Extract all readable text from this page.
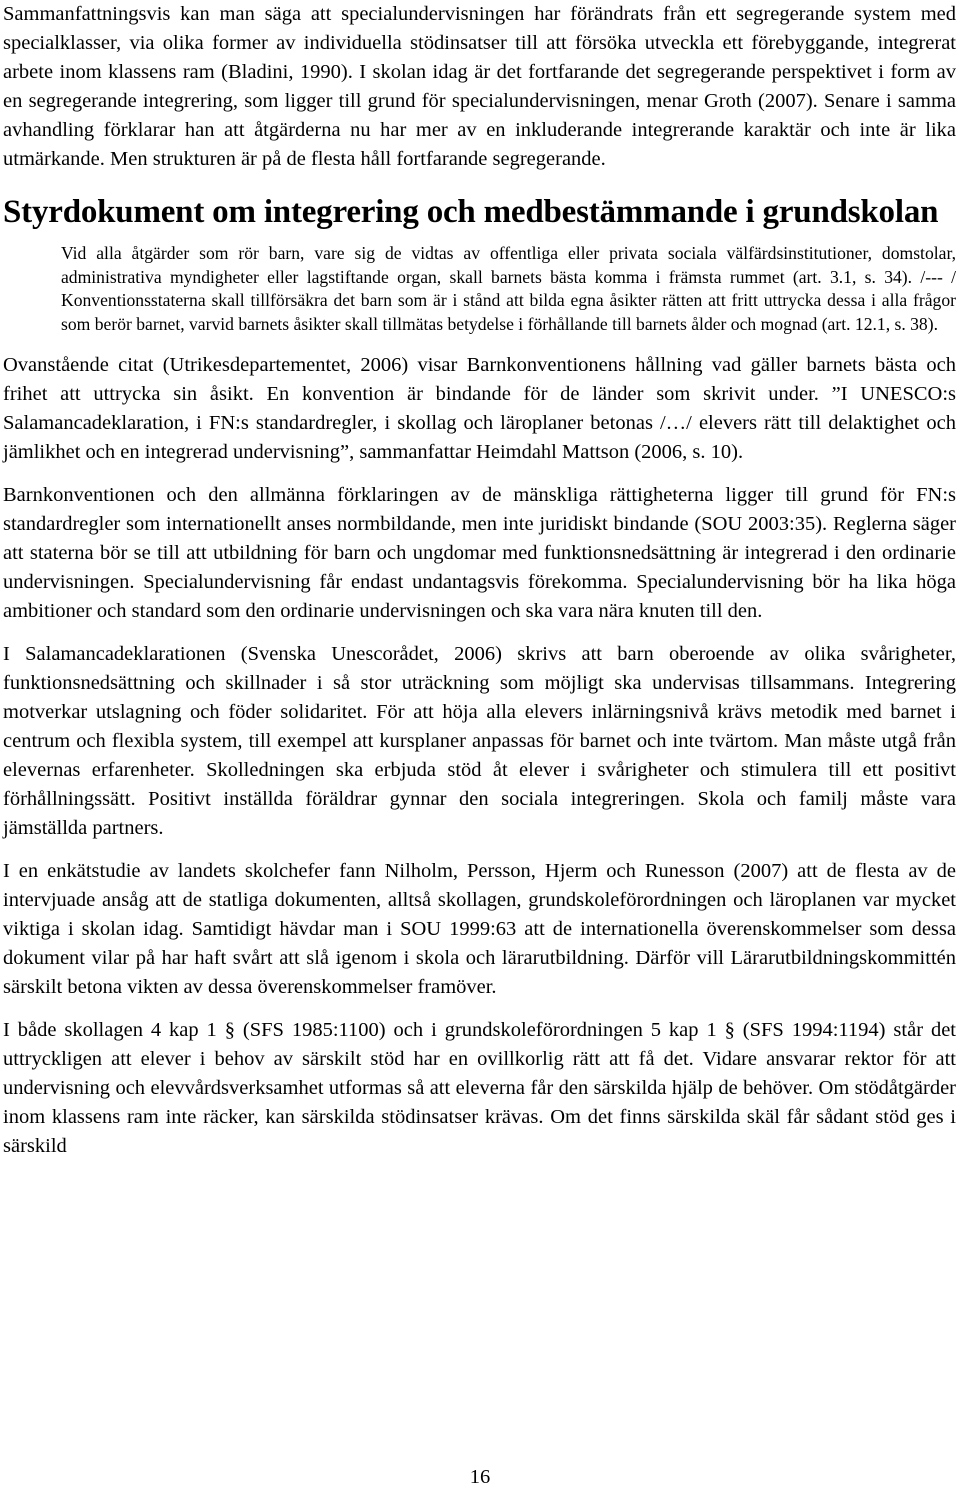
Sammanfattningsvis kan man säga att specialundervisningen har förändrats från ett segregerande system med specialklasser, via olika former av individuella stödinsatser till att försöka utveckla ett förebyggande, integrerat arbete inom klassens ram (Bladini, 1990). I skolan idag är det fortfarande det segregerande perspektivet i form av en segregerande integrering, som ligger till grund för specialundervisningen, menar Groth (2007). Senare i samma avhandling förklarar han att åtgärderna nu har mer av en inkluderande integrerande karaktär och inte är lika utmärkande. Men strukturen är på de flesta håll fortfarande segregerande.

Styrdokument om integrering och medbestämmande i grundskolan

Vid alla åtgärder som rör barn, vare sig de vidtas av offentliga eller privata sociala välfärdsinstitutioner, domstolar, administrativa myndigheter eller lagstiftande organ, skall barnets bästa komma i främsta rummet (art. 3.1, s. 34). /--- / Konventionsstaterna skall tillförsäkra det barn som är i stånd att bilda egna åsikter rätten att fritt uttrycka dessa i alla frågor som berör barnet, varvid barnets åsikter skall tillmätas betydelse i förhållande till barnets ålder och mognad (art. 12.1, s. 38).

Ovanstående citat (Utrikesdepartementet, 2006) visar Barnkonventionens hållning vad gäller barnets bästa och frihet att uttrycka sin åsikt. En konvention är bindande för de länder som skrivit under. ”I UNESCO:s Salamancadeklaration, i FN:s standardregler, i skollag och läroplaner betonas /…/ elevers rätt till delaktighet och jämlikhet och en integrerad undervisning”, sammanfattar Heimdahl Mattson (2006, s. 10).

Barnkonventionen och den allmänna förklaringen av de mänskliga rättigheterna ligger till grund för FN:s standardregler som internationellt anses normbildande, men inte juridiskt bindande (SOU 2003:35). Reglerna säger att staterna bör se till att utbildning för barn och ungdomar med funktionsnedsättning är integrerad i den ordinarie undervisningen. Specialundervisning får endast undantagsvis förekomma. Specialundervisning bör ha lika höga ambitioner och standard som den ordinarie undervisningen och ska vara nära knuten till den.

I Salamancadeklarationen (Svenska Unescorådet, 2006) skrivs att barn oberoende av olika svårigheter, funktionsnedsättning och skillnader i så stor uträckning som möjligt ska undervisas tillsammans. Integrering motverkar utslagning och föder solidaritet. För att höja alla elevers inlärningsnivå krävs metodik med barnet i centrum och flexibla system, till exempel att kursplaner anpassas för barnet och inte tvärtom. Man måste utgå från elevernas erfarenheter. Skolledningen ska erbjuda stöd åt elever i svårigheter och stimulera till ett positivt förhållningssätt. Positivt inställda föräldrar gynnar den sociala integreringen. Skola och familj måste vara jämställda partners.

I en enkätstudie av landets skolchefer fann Nilholm, Persson, Hjerm och Runesson (2007) att de flesta av de intervjuade ansåg att de statliga dokumenten, alltså skollagen, grundskoleförordningen och läroplanen var mycket viktiga i skolan idag. Samtidigt hävdar man i SOU 1999:63 att de internationella överenskommelser som dessa dokument vilar på har haft svårt att slå igenom i skola och lärarutbildning. Därför vill Lärarutbildningskommittén särskilt betona vikten av dessa överenskommelser framöver.

I både skollagen 4 kap 1 § (SFS 1985:1100) och i grundskoleförordningen 5 kap 1 § (SFS 1994:1194) står det uttryckligen att elever i behov av särskilt stöd har en ovillkorlig rätt att få det. Vidare ansvarar rektor för att undervisning och elevvårdsverksamhet utformas så att eleverna får den särskilda hjälp de behöver. Om stödåtgärder inom klassens ram inte räcker, kan särskilda stödinsatser krävas. Om det finns särskilda skäl får sådant stöd ges i särskild

16
